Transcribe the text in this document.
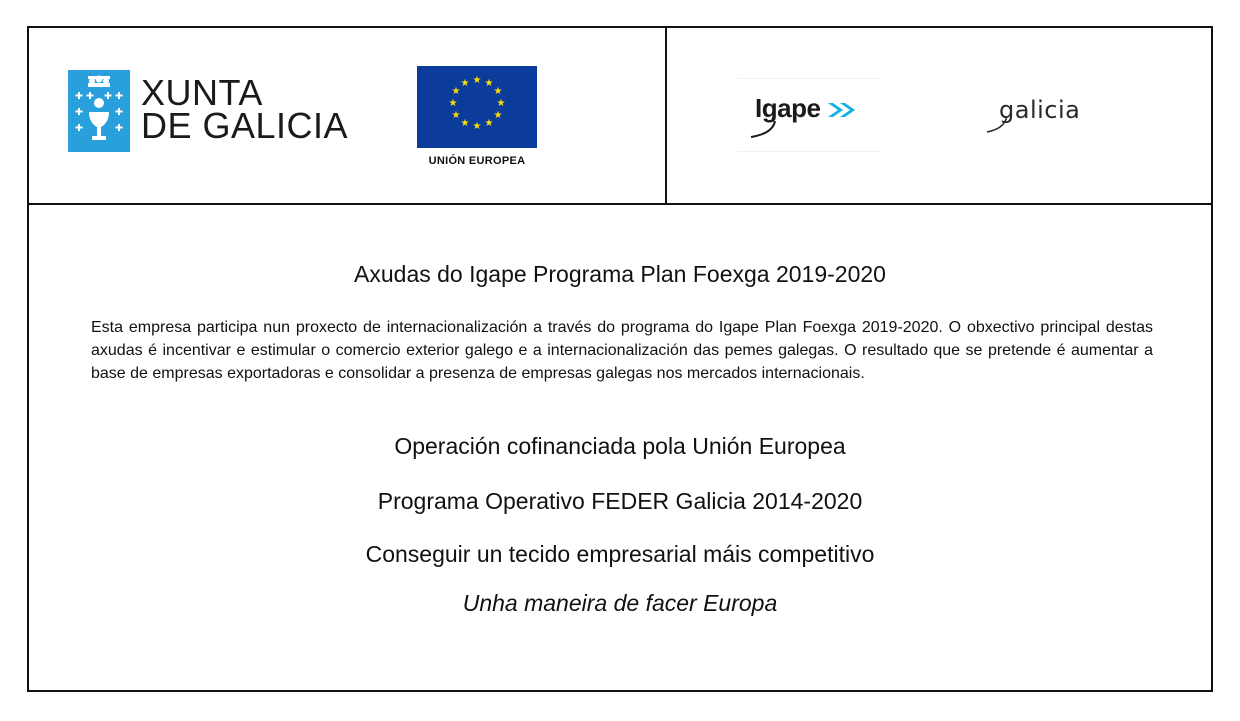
XUNTA
DE GALICIA
★ ★
★
★
★
★
★
★
★
★
★
★
UNIÓN EUROPEA
Igape	galicia
Axudas do Igape Programa Plan Foexga 2019-2020
Esta empresa participa nun proxecto de internacionalización a través do programa do Igape Plan Foexga 2019-2020. O obxectivo principal destas axudas é incentivar e estimular o comercio exterior galego e a internacionalización das pemes galegas. O resultado que se pretende é aumentar a base de empresas exportadoras e consolidar a presenza de empresas galegas nos mercados internacionais.
Operación cofinanciada pola Unión Europea
Programa Operativo FEDER Galicia 2014-2020
Conseguir un tecido empresarial máis competitivo
Unha maneira de facer Europa
